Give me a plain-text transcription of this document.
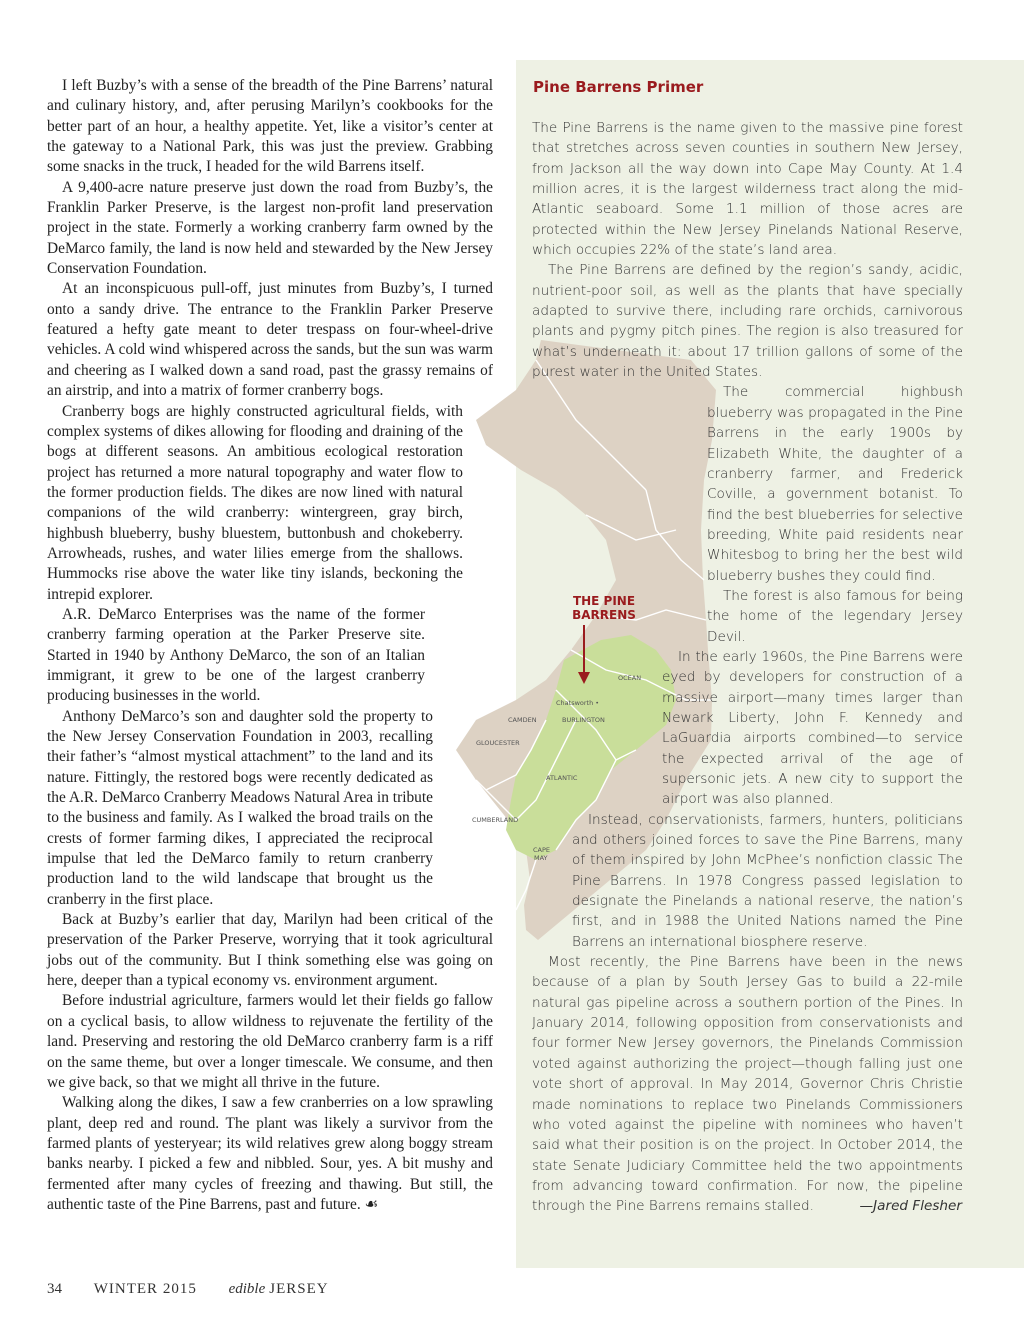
I left Buzby’s with a sense of the breadth of the Pine Barrens’ natural and culinary history, and, after perusing Marilyn’s cookbooks for the better part of an hour, a healthy appetite. Yet, like a visitor’s center at the gateway to a National Park, this was just the preview. Grabbing some snacks in the truck, I headed for the wild Barrens itself.

A 9,400-acre nature preserve just down the road from Buzby’s, the Franklin Parker Preserve, is the largest non-profit land preservation project in the state. Formerly a working cranberry farm owned by the DeMarco family, the land is now held and stewarded by the New Jersey Conservation Foundation.

At an inconspicuous pull-off, just minutes from Buzby’s, I turned onto a sandy drive. The entrance to the Franklin Parker Preserve featured a hefty gate meant to deter trespass on four-wheel-drive vehicles. A cold wind whispered across the sands, but the sun was warm and cheering as I walked down a sand road, past the grassy remains of an airstrip, and into a matrix of former cranberry bogs.

Cranberry bogs are highly constructed agricultural fields, with complex systems of dikes allowing for flooding and draining of the bogs at different seasons. An ambitious ecological restoration project has returned a more natural topography and water flow to the former production fields. The dikes are now lined with natural companions of the wild cranberry: wintergreen, gray birch, highbush blueberry, bushy bluestem, buttonbush and chokeberry. Arrowheads, rushes, and water lilies emerge from the shallows. Hummocks rise above the water like tiny islands, beckoning the intrepid explorer.

A.R. DeMarco Enterprises was the name of the former cranberry farming operation at the Parker Preserve site. Started in 1940 by Anthony DeMarco, the son of an Italian immigrant, it grew to be one of the largest cranberry producing businesses in the world.

Anthony DeMarco’s son and daughter sold the property to the New Jersey Conservation Foundation in 2003, recalling their father’s “almost mystical attachment” to the land and its nature. Fittingly, the restored bogs were recently dedicated as the A.R. DeMarco Cranberry Meadows Natural Area in tribute to the business and family. As I walked the broad trails on the crests of former farming dikes, I appreciated the reciprocal impulse that led the DeMarco family to return cranberry production land to the wild landscape that brought us the cranberry in the first place.

Back at Buzby’s earlier that day, Marilyn had been critical of the preservation of the Parker Preserve, worrying that it took agricultural jobs out of the community. But I think something else was going on here, deeper than a typical economy vs. environment argument.

Before industrial agriculture, farmers would let their fields go fallow on a cyclical basis, to allow wildness to rejuvenate the fertility of the land. Preserving and restoring the old DeMarco cranberry farm is a riff on the same theme, but over a longer timescale. We consume, and then we give back, so that we might all thrive in the future.

Walking along the dikes, I saw a few cranberries on a low sprawling plant, deep red and round. The plant was likely a survivor from the farmed plants of yesteryear; its wild relatives grew along boggy stream banks nearby. I picked a few and nibbled. Sour, yes. A bit mushy and fermented after many cycles of freezing and thawing. But still, the authentic taste of the Pine Barrens, past and future. ☙

OCEAN
CAMDEN	BURLINGTON
GLOUCESTER
ATLANTIC
CUMBERLAND
CAPE
MAY
Chatsworth •
THE PINE
BARRENS
Pine Barrens Primer

The Pine Barrens is the name given to the massive pine forest that stretches across seven counties in southern New Jersey, from Jackson all the way down into Cape May County. At 1.4 million acres, it is the largest wilderness tract along the mid-Atlantic seaboard. Some 1.1 million of those acres are protected within the New Jersey Pinelands National Reserve, which occupies 22% of the state’s land area.

The Pine Barrens are defined by the region’s sandy, acidic, nutrient-poor soil, as well as the plants that have specially adapted to survive there, including rare orchids, carnivorous plants and pygmy pitch pines. The region is also treasured for what’s underneath it: about 17 trillion gallons of some of the purest water in the United States.

The commercial highbush blueberry was propagated in the Pine Barrens in the early 1900s by Elizabeth White, the daughter of a cranberry farmer, and Frederick Coville, a government botanist. To find the best blueberries for selective breeding, White paid residents near Whitesbog to bring her the best wild blueberry bushes they could find.

The forest is also famous for being the home of the legendary Jersey Devil.

In the early 1960s, the Pine Barrens were eyed by developers for construction of a massive airport—many times larger than Newark Liberty, John F. Kennedy and LaGuardia airports combined—to service the expected arrival of the age of supersonic jets. A new city to support the airport was also planned.

Instead, conservationists, farmers, hunters, politicians and others joined forces to save the Pine Barrens, many of them inspired by John McPhee’s nonfiction classic The Pine Barrens. In 1978 Congress passed legislation to designate the Pinelands a national reserve, the nation’s first, and in 1988 the United Nations named the Pine Barrens an international biosphere reserve.

Most recently, the Pine Barrens have been in the news because of a plan by South Jersey Gas to build a 22-mile natural gas pipeline across a southern portion of the Pines. In January 2014, following opposition from conservationists and four former New Jersey governors, the Pinelands Commission voted against authorizing the project—though falling just one vote short of approval. In May 2014, Governor Chris Christie made nominations to replace two Pinelands Commissioners who voted against the pipeline with nominees who haven’t said what their position is on the project. In October 2014, the state Senate Judiciary Committee held the two appointments from advancing toward confirmation. For now, the pipeline through the Pine Barrens remains stalled.	—Jared Flesher
34 WINTER 2015 edible JERSEY
